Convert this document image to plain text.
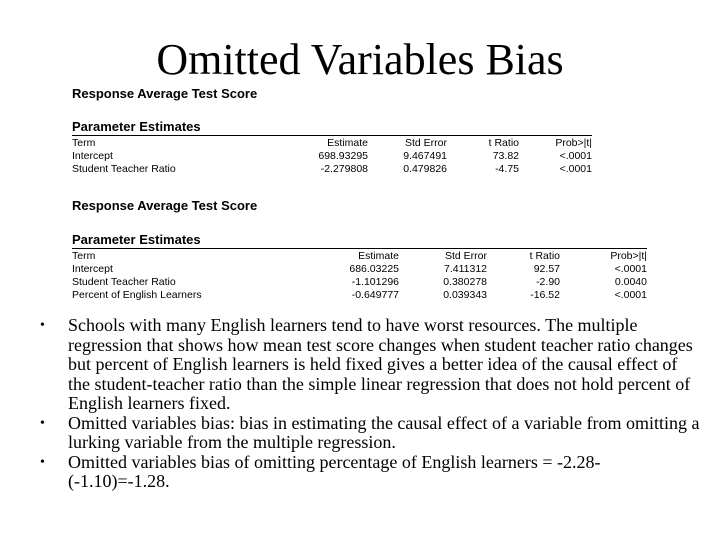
Omitted Variables Bias
Response Average Test Score
Parameter Estimates
Term	Estimate	Std Error	t Ratio	Prob>|t|
Intercept	698.93295	9.467491	73.82	<.0001
Student Teacher Ratio	-2.279808	0.479826	-4.75	<.0001
Response Average Test Score
Parameter Estimates
Term	Estimate	Std Error	t Ratio	Prob>|t|
Intercept	686.03225	7.411312	92.57	<.0001
Student Teacher Ratio	-1.101296	0.380278	-2.90	0.0040
Percent of English Learners	-0.649777	0.039343	-16.52	<.0001

• Schools with many English learners tend to have worst resources. The multiple regression that shows how mean test score changes when student teacher ratio changes but percent of English learners is held fixed gives a better idea of the causal effect of the student-teacher ratio than the simple linear regression that does not hold percent of English learners fixed.

• Omitted variables bias: bias in estimating the causal effect of a variable from omitting a lurking variable from the multiple regression.

• Omitted variables bias of omitting percentage of English learners = -2.28-(-1.10)=-1.28.
